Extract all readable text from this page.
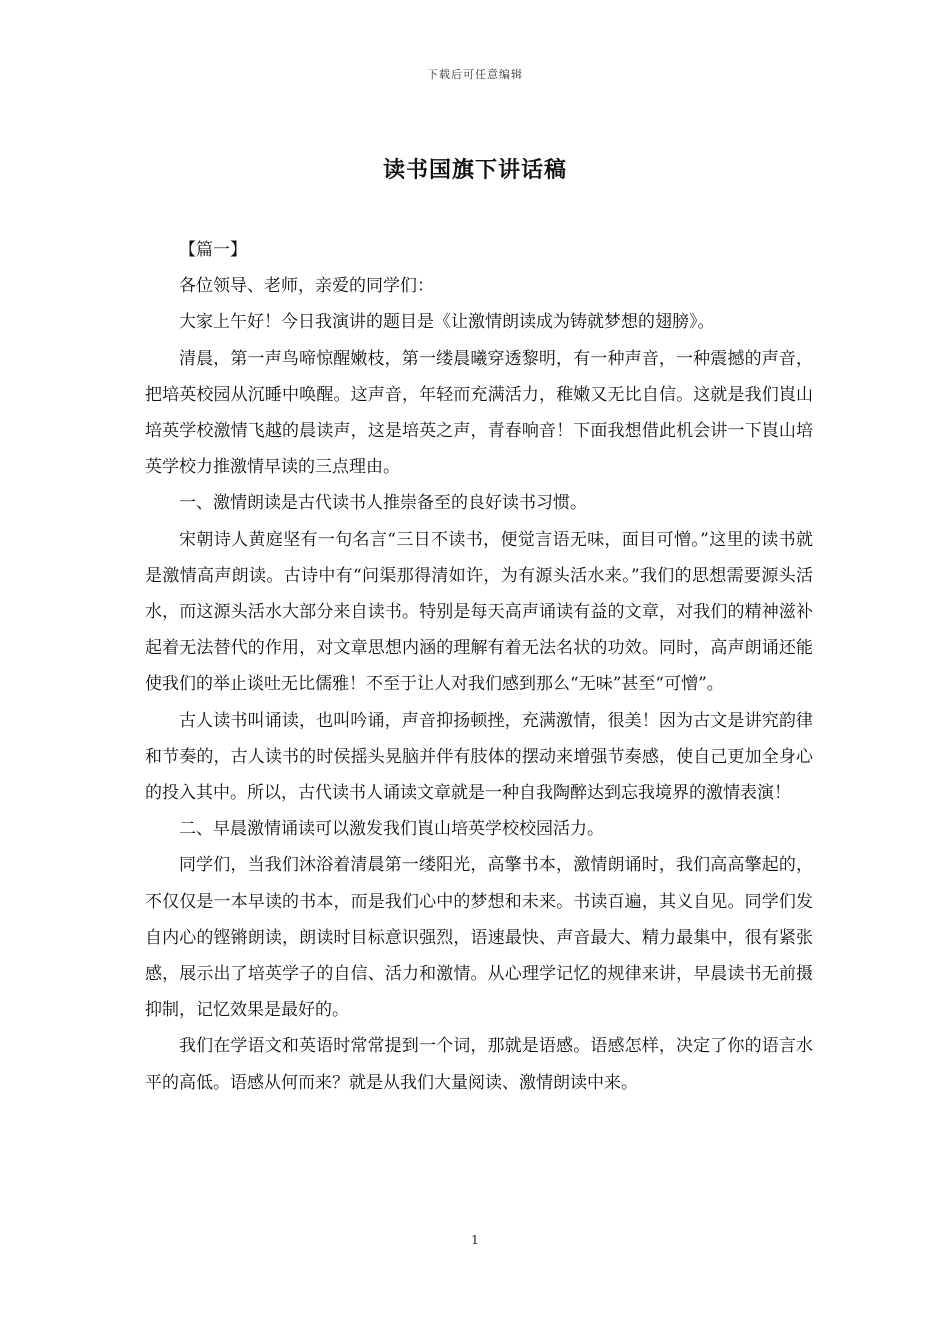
下载后可任意编辑
读书国旗下讲话稿

【篇一】

各位领导、老师，亲爱的同学们：

大家上午好！今日我演讲的题目是《让激情朗读成为铸就梦想的翅膀》。

清晨，第一声鸟啼惊醒嫩枝，第一缕晨曦穿透黎明，有一种声音，一种震撼的声音，把培英校园从沉睡中唤醒。这声音，年轻而充满活力，稚嫩又无比自信。这就是我们崀山培英学校激情飞越的晨读声，这是培英之声，青春响音！下面我想借此机会讲一下崀山培英学校力推激情早读的三点理由。

一、激情朗读是古代读书人推崇备至的良好读书习惯。

宋朝诗人黄庭坚有一句名言“三日不读书，便觉言语无味，面目可憎。”这里的读书就是激情高声朗读。古诗中有“问渠那得清如许，为有源头活水来。”我们的思想需要源头活水，而这源头活水大部分来自读书。特别是每天高声诵读有益的文章，对我们的精神滋补起着无法替代的作用，对文章思想内涵的理解有着无法名状的功效。同时，高声朗诵还能使我们的举止谈吐无比儒雅！不至于让人对我们感到那么“无味”甚至“可憎”。

古人读书叫诵读，也叫吟诵，声音抑扬顿挫，充满激情，很美！因为古文是讲究韵律和节奏的，古人读书的时侯摇头晃脑并伴有肢体的摆动来增强节奏感，使自己更加全身心的投入其中。所以，古代读书人诵读文章就是一种自我陶醉达到忘我境界的激情表演！

二、早晨激情诵读可以激发我们崀山培英学校校园活力。

同学们，当我们沐浴着清晨第一缕阳光，高擎书本，激情朗诵时，我们高高擎起的，不仅仅是一本早读的书本，而是我们心中的梦想和未来。书读百遍，其义自见。同学们发自内心的铿锵朗读，朗读时目标意识强烈，语速最快、声音最大、精力最集中，很有紧张感，展示出了培英学子的自信、活力和激情。从心理学记忆的规律来讲，早晨读书无前摄抑制，记忆效果是最好的。

我们在学语文和英语时常常提到一个词，那就是语感。语感怎样，决定了你的语言水平的高低。语感从何而来？就是从我们大量阅读、激情朗读中来。

1
